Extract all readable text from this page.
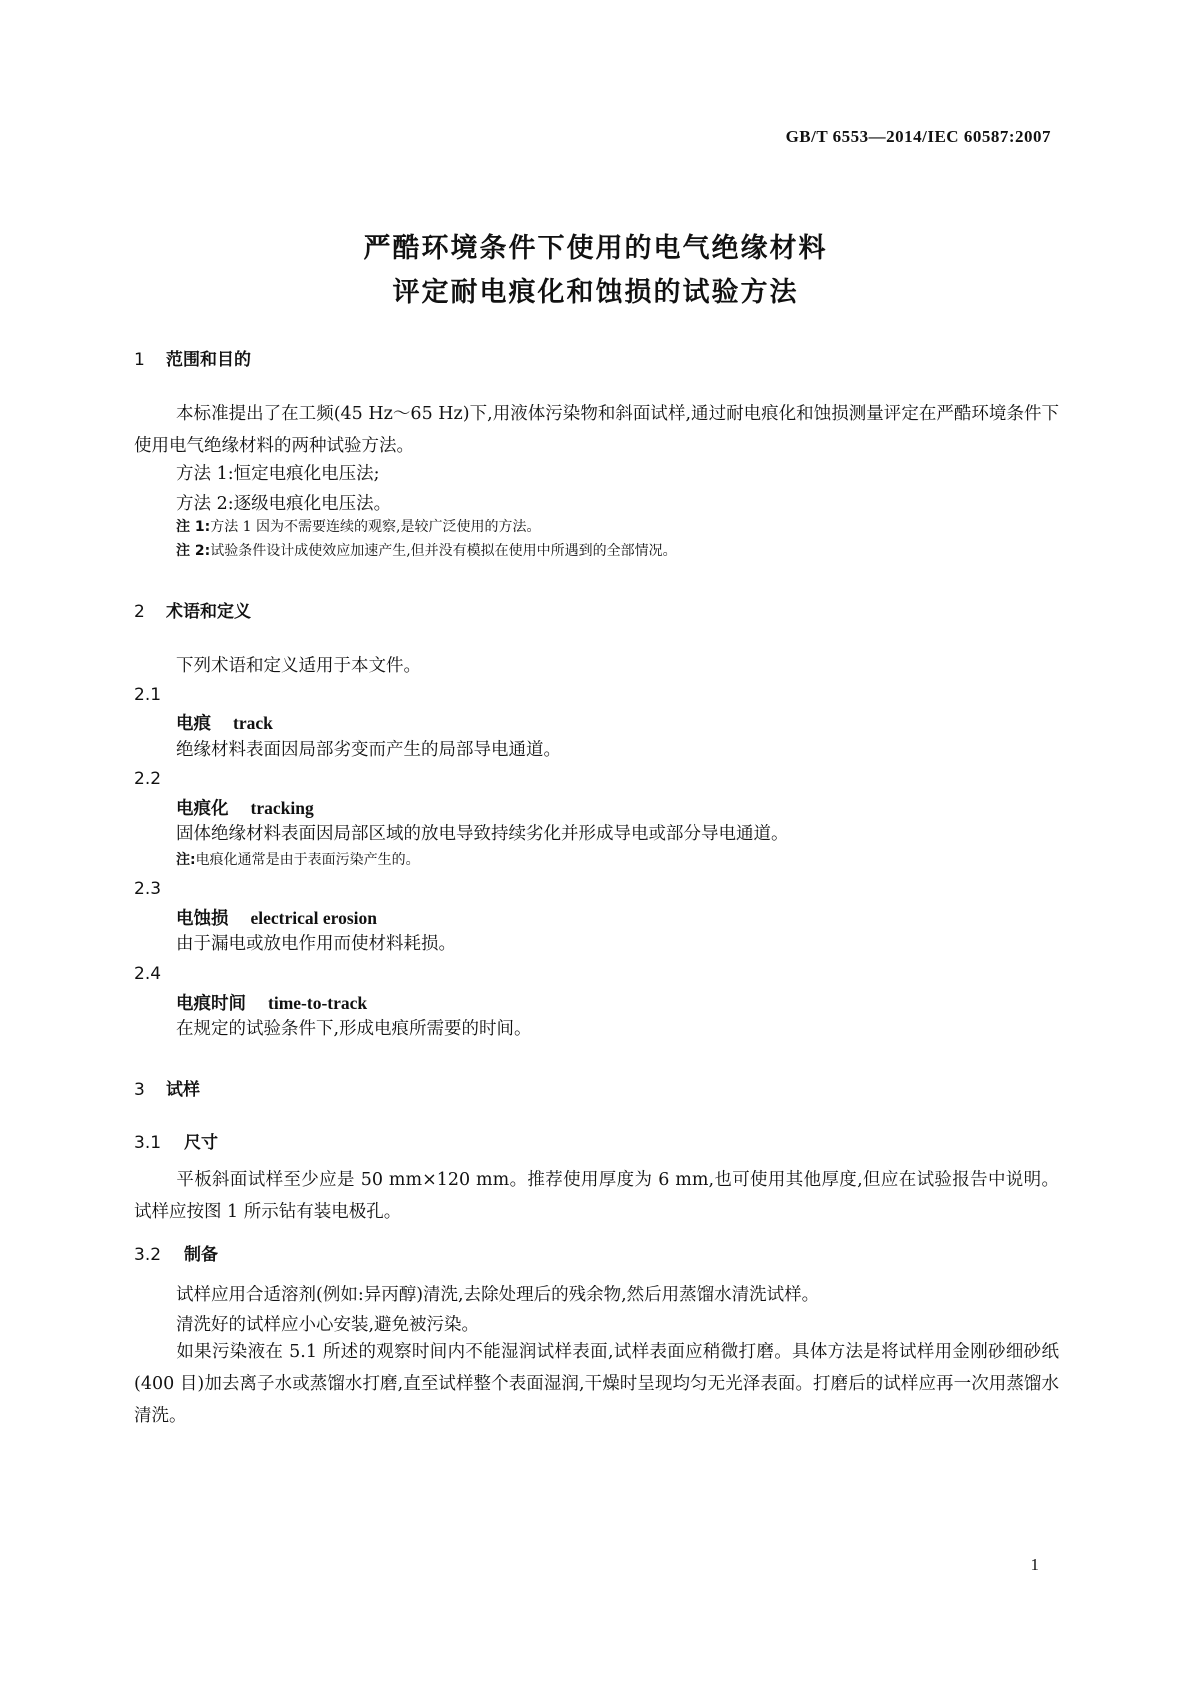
GB/T 6553—2014/IEC 60587:2007
严酷环境条件下使用的电气绝缘材料
评定耐电痕化和蚀损的试验方法
1 范围和目的
本标准提出了在工频(45 Hz～65 Hz)下,用液体污染物和斜面试样,通过耐电痕化和蚀损测量评定在严酷环境条件下使用电气绝缘材料的两种试验方法。
方法 1:恒定电痕化电压法;
方法 2:逐级电痕化电压法。
注 1:方法 1 因为不需要连续的观察,是较广泛使用的方法。
注 2:试验条件设计成使效应加速产生,但并没有模拟在使用中所遇到的全部情况。
2 术语和定义
下列术语和定义适用于本文件。
2.1
电痕 track
绝缘材料表面因局部劣变而产生的局部导电通道。
2.2
电痕化 tracking
固体绝缘材料表面因局部区域的放电导致持续劣化并形成导电或部分导电通道。
注:电痕化通常是由于表面污染产生的。
2.3
电蚀损 electrical erosion
由于漏电或放电作用而使材料耗损。
2.4
电痕时间 time-to-track
在规定的试验条件下,形成电痕所需要的时间。
3 试样
3.1 尺寸
平板斜面试样至少应是 50 mm×120 mm。推荐使用厚度为 6 mm,也可使用其他厚度,但应在试验报告中说明。试样应按图 1 所示钻有装电极孔。
3.2 制备
试样应用合适溶剂(例如:异丙醇)清洗,去除处理后的残余物,然后用蒸馏水清洗试样。
清洗好的试样应小心安装,避免被污染。
如果污染液在 5.1 所述的观察时间内不能湿润试样表面,试样表面应稍微打磨。具体方法是将试样用金刚砂细砂纸(400 目)加去离子水或蒸馏水打磨,直至试样整个表面湿润,干燥时呈现均匀无光泽表面。打磨后的试样应再一次用蒸馏水清洗。
1
